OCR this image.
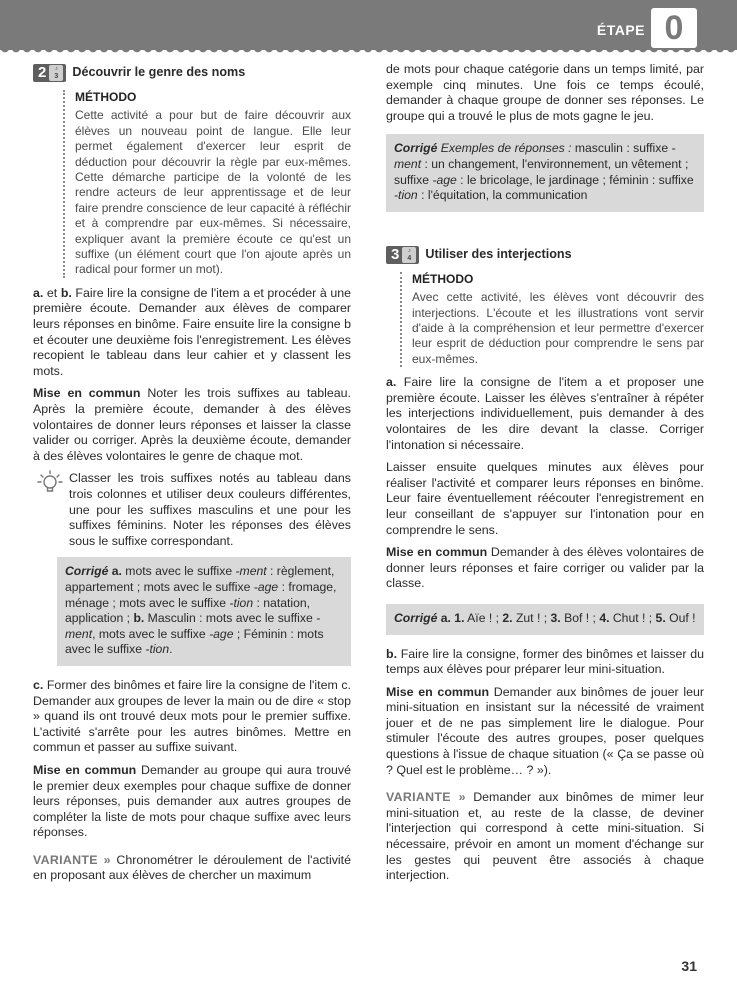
ÉTAPE 0
2 ♪
3 Découvrir le genre des noms
MÉTHODO
Cette activité a pour but de faire découvrir aux élèves un nouveau point de langue. Elle leur permet également d'exercer leur esprit de déduction pour découvrir la règle par eux-mêmes. Cette démarche participe de la volonté de les rendre acteurs de leur apprentissage et de leur faire prendre conscience de leur capacité à réfléchir et à comprendre par eux-mêmes. Si nécessaire, expliquer avant la première écoute ce qu'est un suffixe (un élément court que l'on ajoute après un radical pour former un mot).

a. et b. Faire lire la consigne de l'item a et procéder à une première écoute. Demander aux élèves de comparer leurs réponses en binôme. Faire ensuite lire la consigne b et écouter une deuxième fois l'enregistrement. Les élèves recopient le tableau dans leur cahier et y classent les mots.

Mise en commun Noter les trois suffixes au tableau. Après la première écoute, demander à des élèves volontaires de donner leurs réponses et laisser la classe valider ou corriger. Après la deuxième écoute, demander à des élèves volontaires le genre de chaque mot.

Classer les trois suffixes notés au tableau dans trois colonnes et utiliser deux couleurs différentes, une pour les suffixes masculins et une pour les suffixes féminins. Noter les réponses des élèves sous le suffixe correspondant.

Corrigé a. mots avec le suffixe -ment : règlement, appartement ; mots avec le suffixe -age : fromage, ménage ; mots avec le suffixe -tion : natation, application ; b. Masculin : mots avec le suffixe -ment, mots avec le suffixe -age ; Féminin : mots avec le suffixe -tion.

c. Former des binômes et faire lire la consigne de l'item c. Demander aux groupes de lever la main ou de dire « stop » quand ils ont trouvé deux mots pour le premier suffixe. L'activité s'arrête pour les autres binômes. Mettre en commun et passer au suffixe suivant.

Mise en commun Demander au groupe qui aura trouvé le premier deux exemples pour chaque suffixe de donner leurs réponses, puis demander aux autres groupes de compléter la liste de mots pour chaque suffixe avec leurs réponses.

VARIANTE » Chronométrer le déroulement de l'activité en proposant aux élèves de chercher un maximum

de mots pour chaque catégorie dans un temps limité, par exemple cinq minutes. Une fois ce temps écoulé, demander à chaque groupe de donner ses réponses. Le groupe qui a trouvé le plus de mots gagne le jeu.

Corrigé Exemples de réponses : masculin : suffixe -ment : un changement, l'environnement, un vêtement ; suffixe -age : le bricolage, le jardinage ; féminin : suffixe -tion : l'équitation, la communication
3 ♪
4 Utiliser des interjections
MÉTHODO
Avec cette activité, les élèves vont découvrir des interjections. L'écoute et les illustrations vont servir d'aide à la compréhension et leur permettre d'exercer leur esprit de déduction pour comprendre le sens par eux-mêmes.

a. Faire lire la consigne de l'item a et proposer une première écoute. Laisser les élèves s'entraîner à répéter les interjections individuellement, puis demander à des volontaires de les dire devant la classe. Corriger l'intonation si nécessaire.

Laisser ensuite quelques minutes aux élèves pour réaliser l'activité et comparer leurs réponses en binôme. Leur faire éventuellement réécouter l'enregistrement en leur conseillant de s'appuyer sur l'intonation pour en comprendre le sens.

Mise en commun Demander à des élèves volontaires de donner leurs réponses et faire corriger ou valider par la classe.

Corrigé a. 1. Aïe ! ; 2. Zut ! ; 3. Bof ! ; 4. Chut ! ; 5. Ouf !

b. Faire lire la consigne, former des binômes et laisser du temps aux élèves pour préparer leur mini-situation.

Mise en commun Demander aux binômes de jouer leur mini-situation en insistant sur la nécessité de vraiment jouer et de ne pas simplement lire le dialogue. Pour stimuler l'écoute des autres groupes, poser quelques questions à l'issue de chaque situation (« Ça se passe où ? Quel est le problème… ? »).

VARIANTE » Demander aux binômes de mimer leur mini-situation et, au reste de la classe, de deviner l'interjection qui correspond à cette mini-situation. Si nécessaire, prévoir en amont un moment d'échange sur les gestes qui peuvent être associés à chaque interjection.

31
